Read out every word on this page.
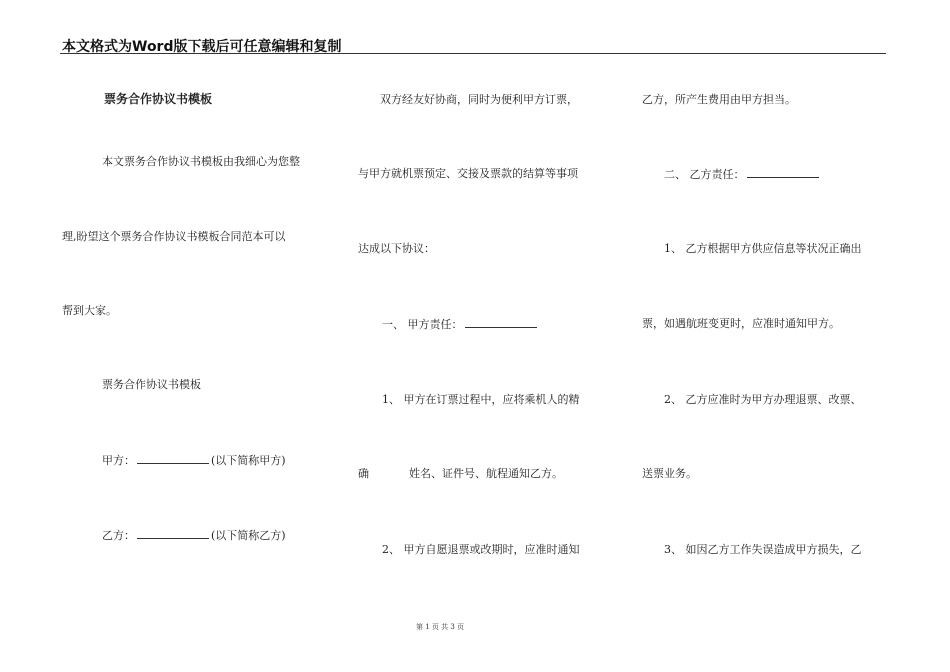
本文格式为Word版下载后可任意编辑和复制
票务合作协议书模板
本文票务合作协议书模板由我细心为您整
理,盼望这个票务合作协议书模板合同范本可以
帮到大家。
票务合作协议书模板
甲方：	(以下简称甲方)
乙方：	(以下简称乙方)
双方经友好协商，同时为便利甲方订票，
与甲方就机票预定、交接及票款的结算等事项
达成以下协议：
一、 甲方责任：
1、 甲方在订票过程中，应将乘机人的精
确	姓名、证件号、航程通知乙方。
2、 甲方自愿退票或改期时，应准时通知
乙方，所产生费用由甲方担当。
二、 乙方责任：
1、 乙方根据甲方供应信息等状况正确出
票，如遇航班变更时，应准时通知甲方。
2、 乙方应准时为甲方办理退票、改票、
送票业务。
3、 如因乙方工作失误造成甲方损失，乙
第 1 页 共 3 页
